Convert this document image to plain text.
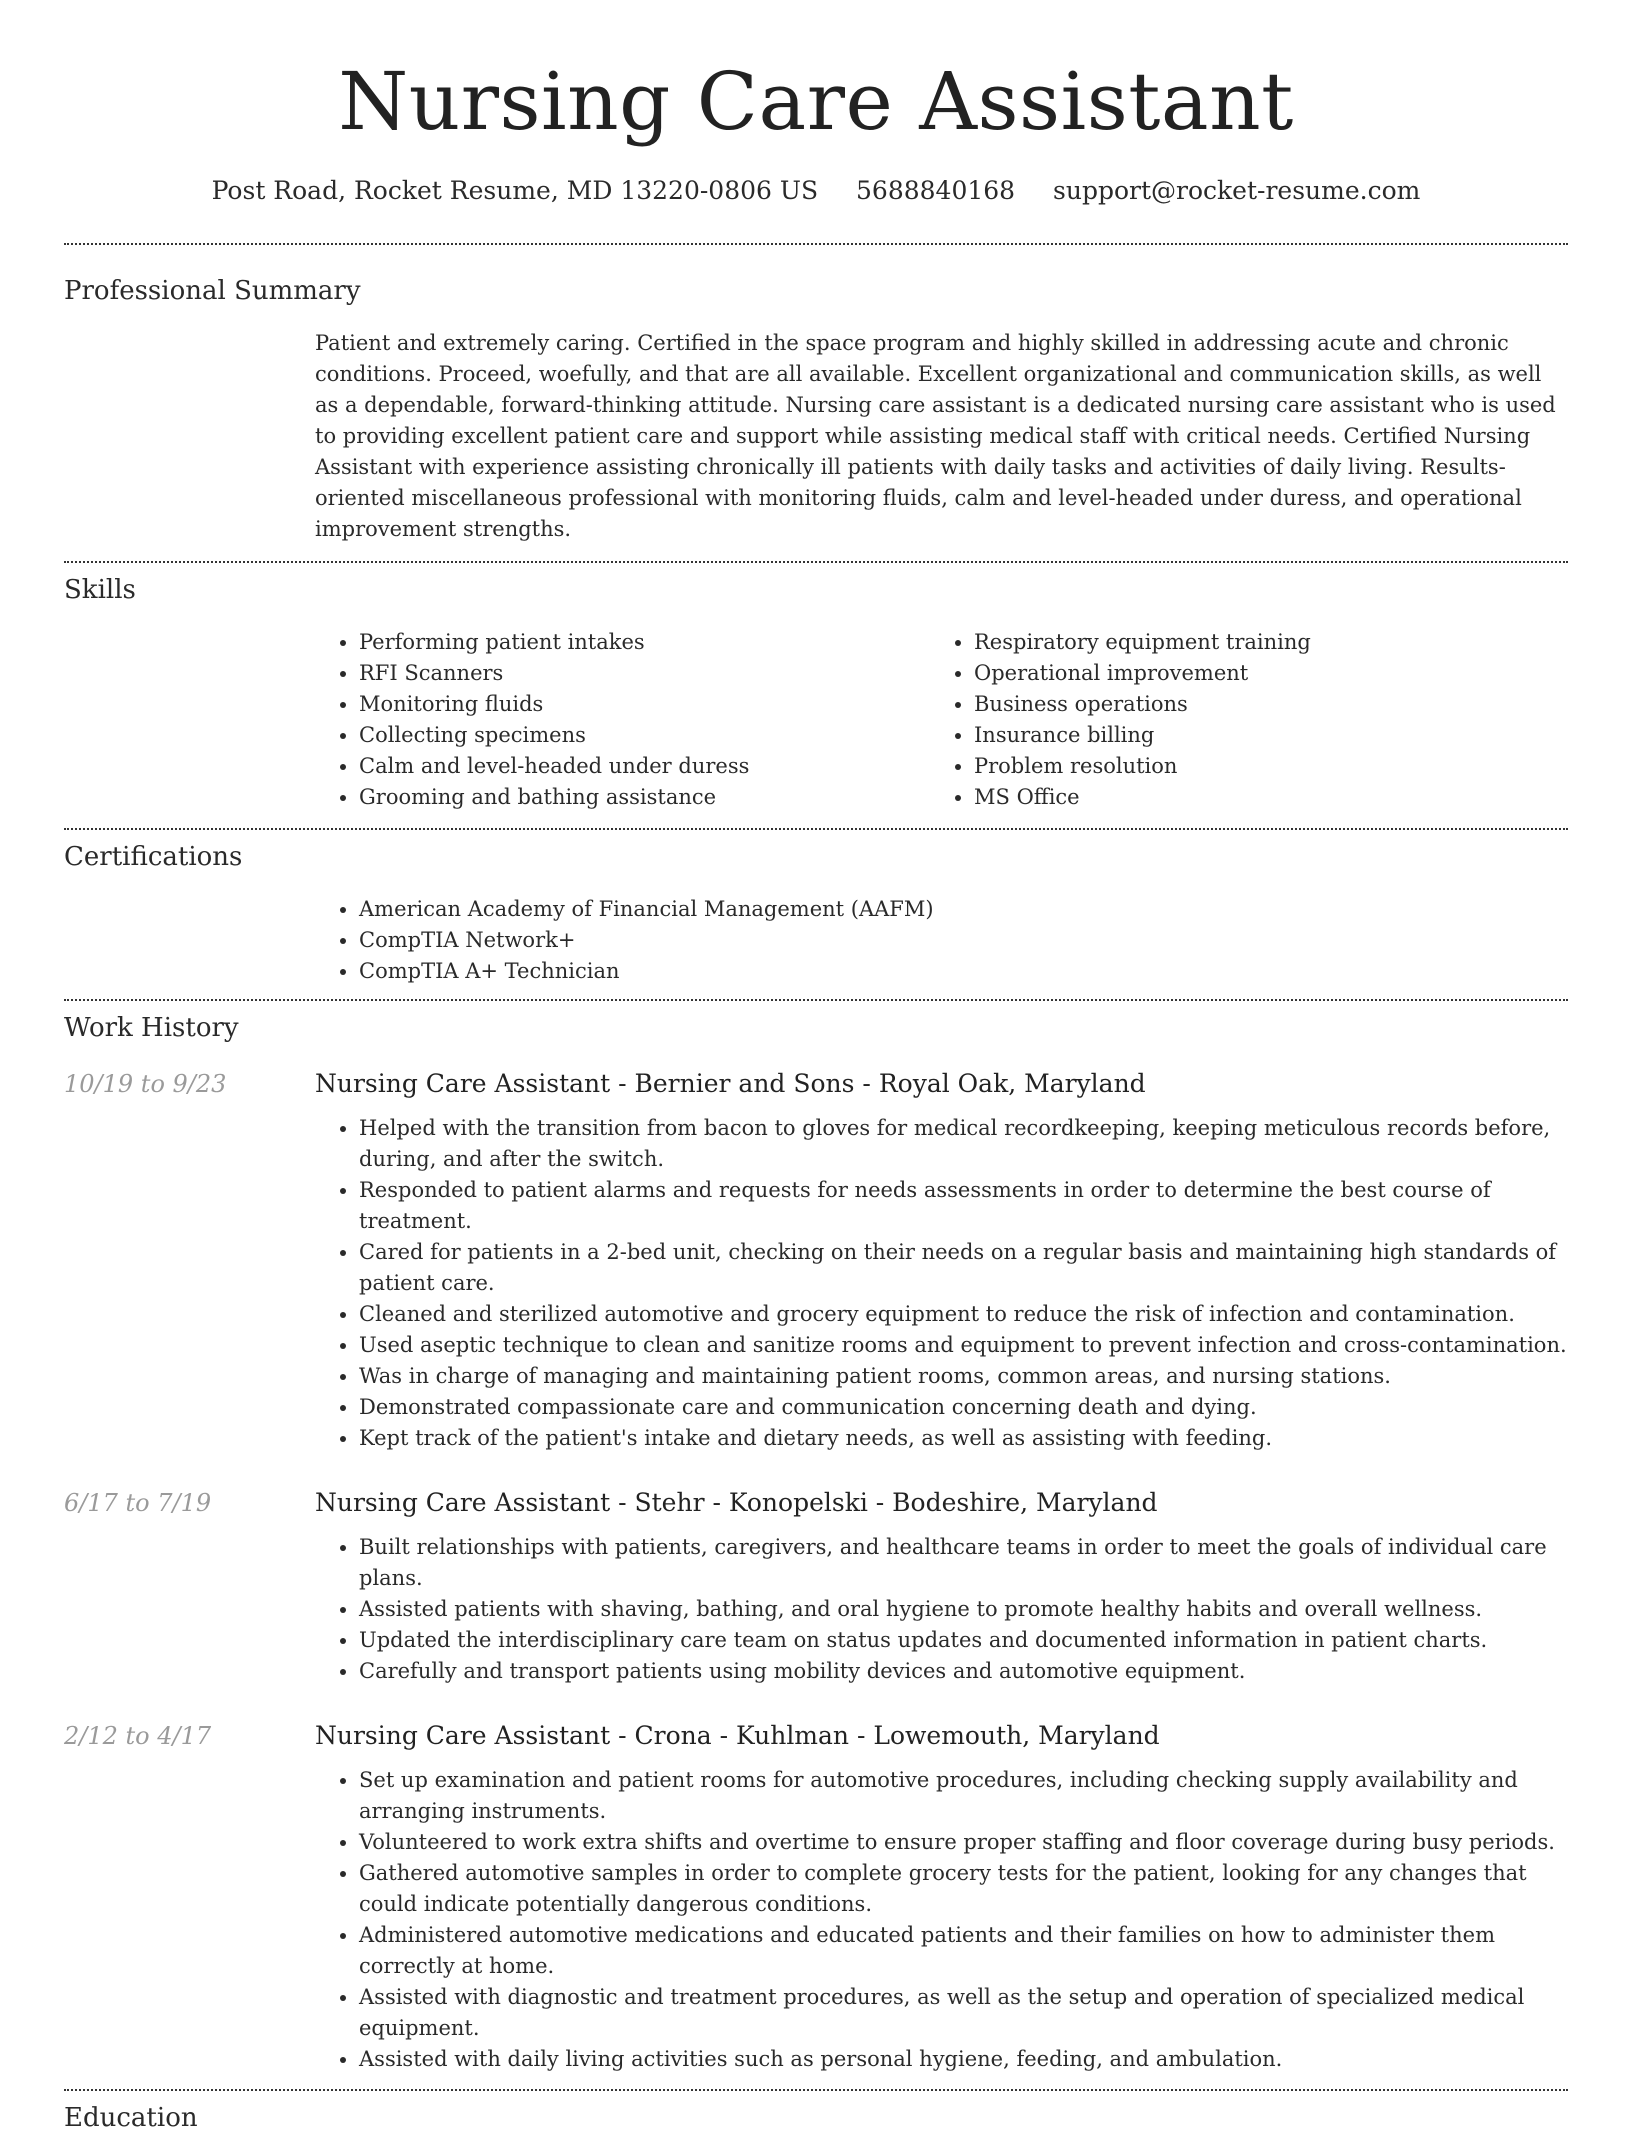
Nursing Care Assistant
Post Road, Rocket Resume, MD 13220-0806 US 5688840168 support@rocket-resume.com
Professional Summary
Patient and extremely caring. Certified in the space program and highly skilled in addressing acute and chronic conditions. Proceed, woefully, and that are all available. Excellent organizational and communication skills, as well as a dependable, forward-thinking attitude. Nursing care assistant is a dedicated nursing care assistant who is used to providing excellent patient care and support while assisting medical staff with critical needs. Certified Nursing Assistant with experience assisting chronically ill patients with daily tasks and activities of daily living. Results-oriented miscellaneous professional with monitoring fluids, calm and level-headed under duress, and operational improvement strengths.
Skills
• Performing patient intakes
• RFI Scanners
• Monitoring fluids
• Collecting specimens
• Calm and level-headed under duress
• Grooming and bathing assistance
• Respiratory equipment training
• Operational improvement
• Business operations
• Insurance billing
• Problem resolution
• MS Office
Certifications
• American Academy of Financial Management (AAFM)
• CompTIA Network+
• CompTIA A+ Technician
Work History
10/19 to 9/23	Nursing Care Assistant - Bernier and Sons - Royal Oak, Maryland
• Helped with the transition from bacon to gloves for medical recordkeeping, keeping meticulous records before, during, and after the switch.
• Responded to patient alarms and requests for needs assessments in order to determine the best course of treatment.
• Cared for patients in a 2-bed unit, checking on their needs on a regular basis and maintaining high standards of patient care.
• Cleaned and sterilized automotive and grocery equipment to reduce the risk of infection and contamination.
• Used aseptic technique to clean and sanitize rooms and equipment to prevent infection and cross-contamination.
• Was in charge of managing and maintaining patient rooms, common areas, and nursing stations.
• Demonstrated compassionate care and communication concerning death and dying.
• Kept track of the patient's intake and dietary needs, as well as assisting with feeding.
6/17 to 7/19	Nursing Care Assistant - Stehr - Konopelski - Bodeshire, Maryland
• Built relationships with patients, caregivers, and healthcare teams in order to meet the goals of individual care plans.
• Assisted patients with shaving, bathing, and oral hygiene to promote healthy habits and overall wellness.
• Updated the interdisciplinary care team on status updates and documented information in patient charts.
• Carefully and transport patients using mobility devices and automotive equipment.
2/12 to 4/17	Nursing Care Assistant - Crona - Kuhlman - Lowemouth, Maryland
• Set up examination and patient rooms for automotive procedures, including checking supply availability and arranging instruments.
• Volunteered to work extra shifts and overtime to ensure proper staffing and floor coverage during busy periods.
• Gathered automotive samples in order to complete grocery tests for the patient, looking for any changes that could indicate potentially dangerous conditions.
• Administered automotive medications and educated patients and their families on how to administer them correctly at home.
• Assisted with diagnostic and treatment procedures, as well as the setup and operation of specialized medical equipment.
• Assisted with daily living activities such as personal hygiene, feeding, and ambulation.
Education
